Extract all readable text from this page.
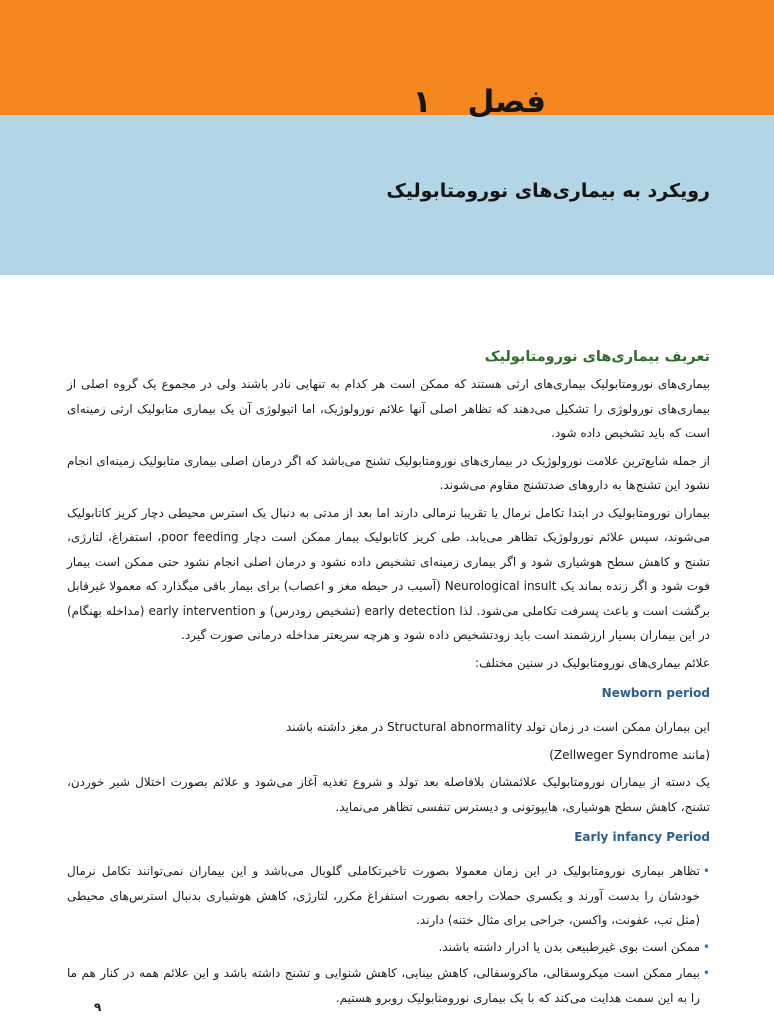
فصل۱
رویکرد به بیماری‌های نورومتابولیک
تعریف بیماری‌های نورومتابولیک

بیماری‌های نورومتابولیک بیماری‌های ارثی هستند که ممکن است هر کدام به تنهایی نادر باشند ولی در مجموع یک گروه اصلی از بیماری‌های نورولوژی را تشکیل می‌دهند که تظاهر اصلی آنها علائم نورولوژیک، اما اتیولوژی آن یک بیماری متابولیک ارثی زمینه‌ای است که باید تشخیص داده شود.

از جمله شایع‌ترین علامت نورولوژیک در بیماری‌های نورومتابولیک تشنج می‌باشد که اگر درمان اصلی بیماری متابولیک زمینه‌ای انجام نشود این تشنج‌ها به داروهای ضدتشنج مقاوم می‌شوند.

بیماران نورومتابولیک در ابتدا تکامل نرمال یا تقریبا نرمالی دارند اما بعد از مدتی به دنبال یک استرس محیطی دچار کریز کاتابولیک می‌شوند، سپس علائم نورولوژیک تظاهر می‌یابد. طی کریز کاتابولیک بیمار ممکن است دچار poor feeding، استفراغ، لتارژی، تشنج و کاهش سطح هوشیاری شود و اگر بیماری زمینه‌ای تشخیص داده نشود و درمان اصلی انجام نشود حتی ممکن است بیمار فوت شود و اگر زنده بماند یک Neurological insult (آسیب در حیطه مغز و اعصاب) برای بیمار باقی میگذارد که معمولا غیرقابل برگشت است و باعث پسرفت تکاملی می‌شود. لذا early detection (تشخیص زودرس) و early intervention (مداخله بهنگام) در این بیماران بسیار ارزشمند است باید زودتشخیص داده شود و هرچه سریعتر مداخله درمانی صورت گیرد.

علائم بیماری‌های نورومتابولیک در سنین مختلف:

Newborn period

این بیماران ممکن است در زمان تولد Structural abnormality در مغز داشته باشند

(مانند Zellweger Syndrome)

یک دسته از بیماران نورومتابولیک علائمشان بلافاصله بعد تولد و شروع تغذیه آغاز می‌شود و علائم بصورت اختلال شیر خوردن، تشنج، کاهش سطح هوشیاری، هایپوتونی و دیسترس تنفسی تظاهر می‌نماید.

Early infancy Period
•
تظاهر بیماری نورومتابولیک در این زمان معمولا بصورت تاخیرتکاملی گلوبال می‌باشد و این بیماران نمی‌توانند تکامل نرمال خودشان را بدست آورند و یکسری حملات راجعه بصورت استفراغ مکرر، لتارژی، کاهش هوشیاری بدنبال استرس‌های محیطی (مثل تب، عفونت، واکسن، جراحی برای مثال ختنه) دارند.
•
ممکن است بوی غیرطبیعی بدن یا ادرار داشته باشند.
•
بیمار ممکن است میکروسفالی، ماکروسفالی، کاهش بینایی، کاهش شنوایی و تشنج داشته باشد و این علائم همه در کنار هم ما را به این سمت هدایت می‌کند که با یک بیماری نورومتابولیک روبرو هستیم.
۹
